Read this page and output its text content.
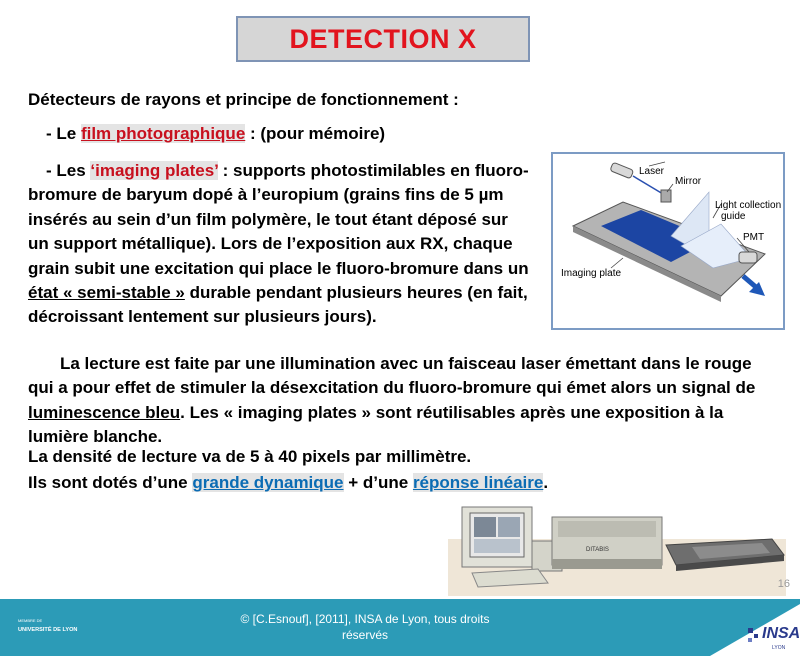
DETECTION X

Détecteurs de rayons et principe de fonctionnement :

- Le film photographique : (pour mémoire)

- Les ‘imaging plates’ : supports photostimilables en fluoro-bromure de baryum dopé à l’europium (grains fins de 5 µm insérés au sein d’un film polymère, le tout étant déposé sur un support métallique). Lors de l’exposition aux RX, chaque grain subit une excitation qui place le fluoro-bromure dans un état « semi-stable » durable pendant plusieurs heures (en fait, décroissant lentement sur plusieurs jours).

Laser
Mirror
Light collection
guide
PMT
Imaging plate

La lecture est faite par une illumination avec un faisceau laser émettant dans le rouge qui a pour effet de stimuler la désexcitation du fluoro-bromure qui émet alors un signal de luminescence bleu. Les « imaging plates » sont réutilisables après une exposition à la lumière blanche.

La densité de lecture va de 5 à 40 pixels par millimètre.

Ils sont dotés d’une grande dynamique + d’une réponse linéaire.

DITABIS
16
© [C.Esnouf], [2011], INSA de Lyon, tous droits
réservés
MEMBRE DE
UNIVERSITÉ DE LYON	INSA
LYON
